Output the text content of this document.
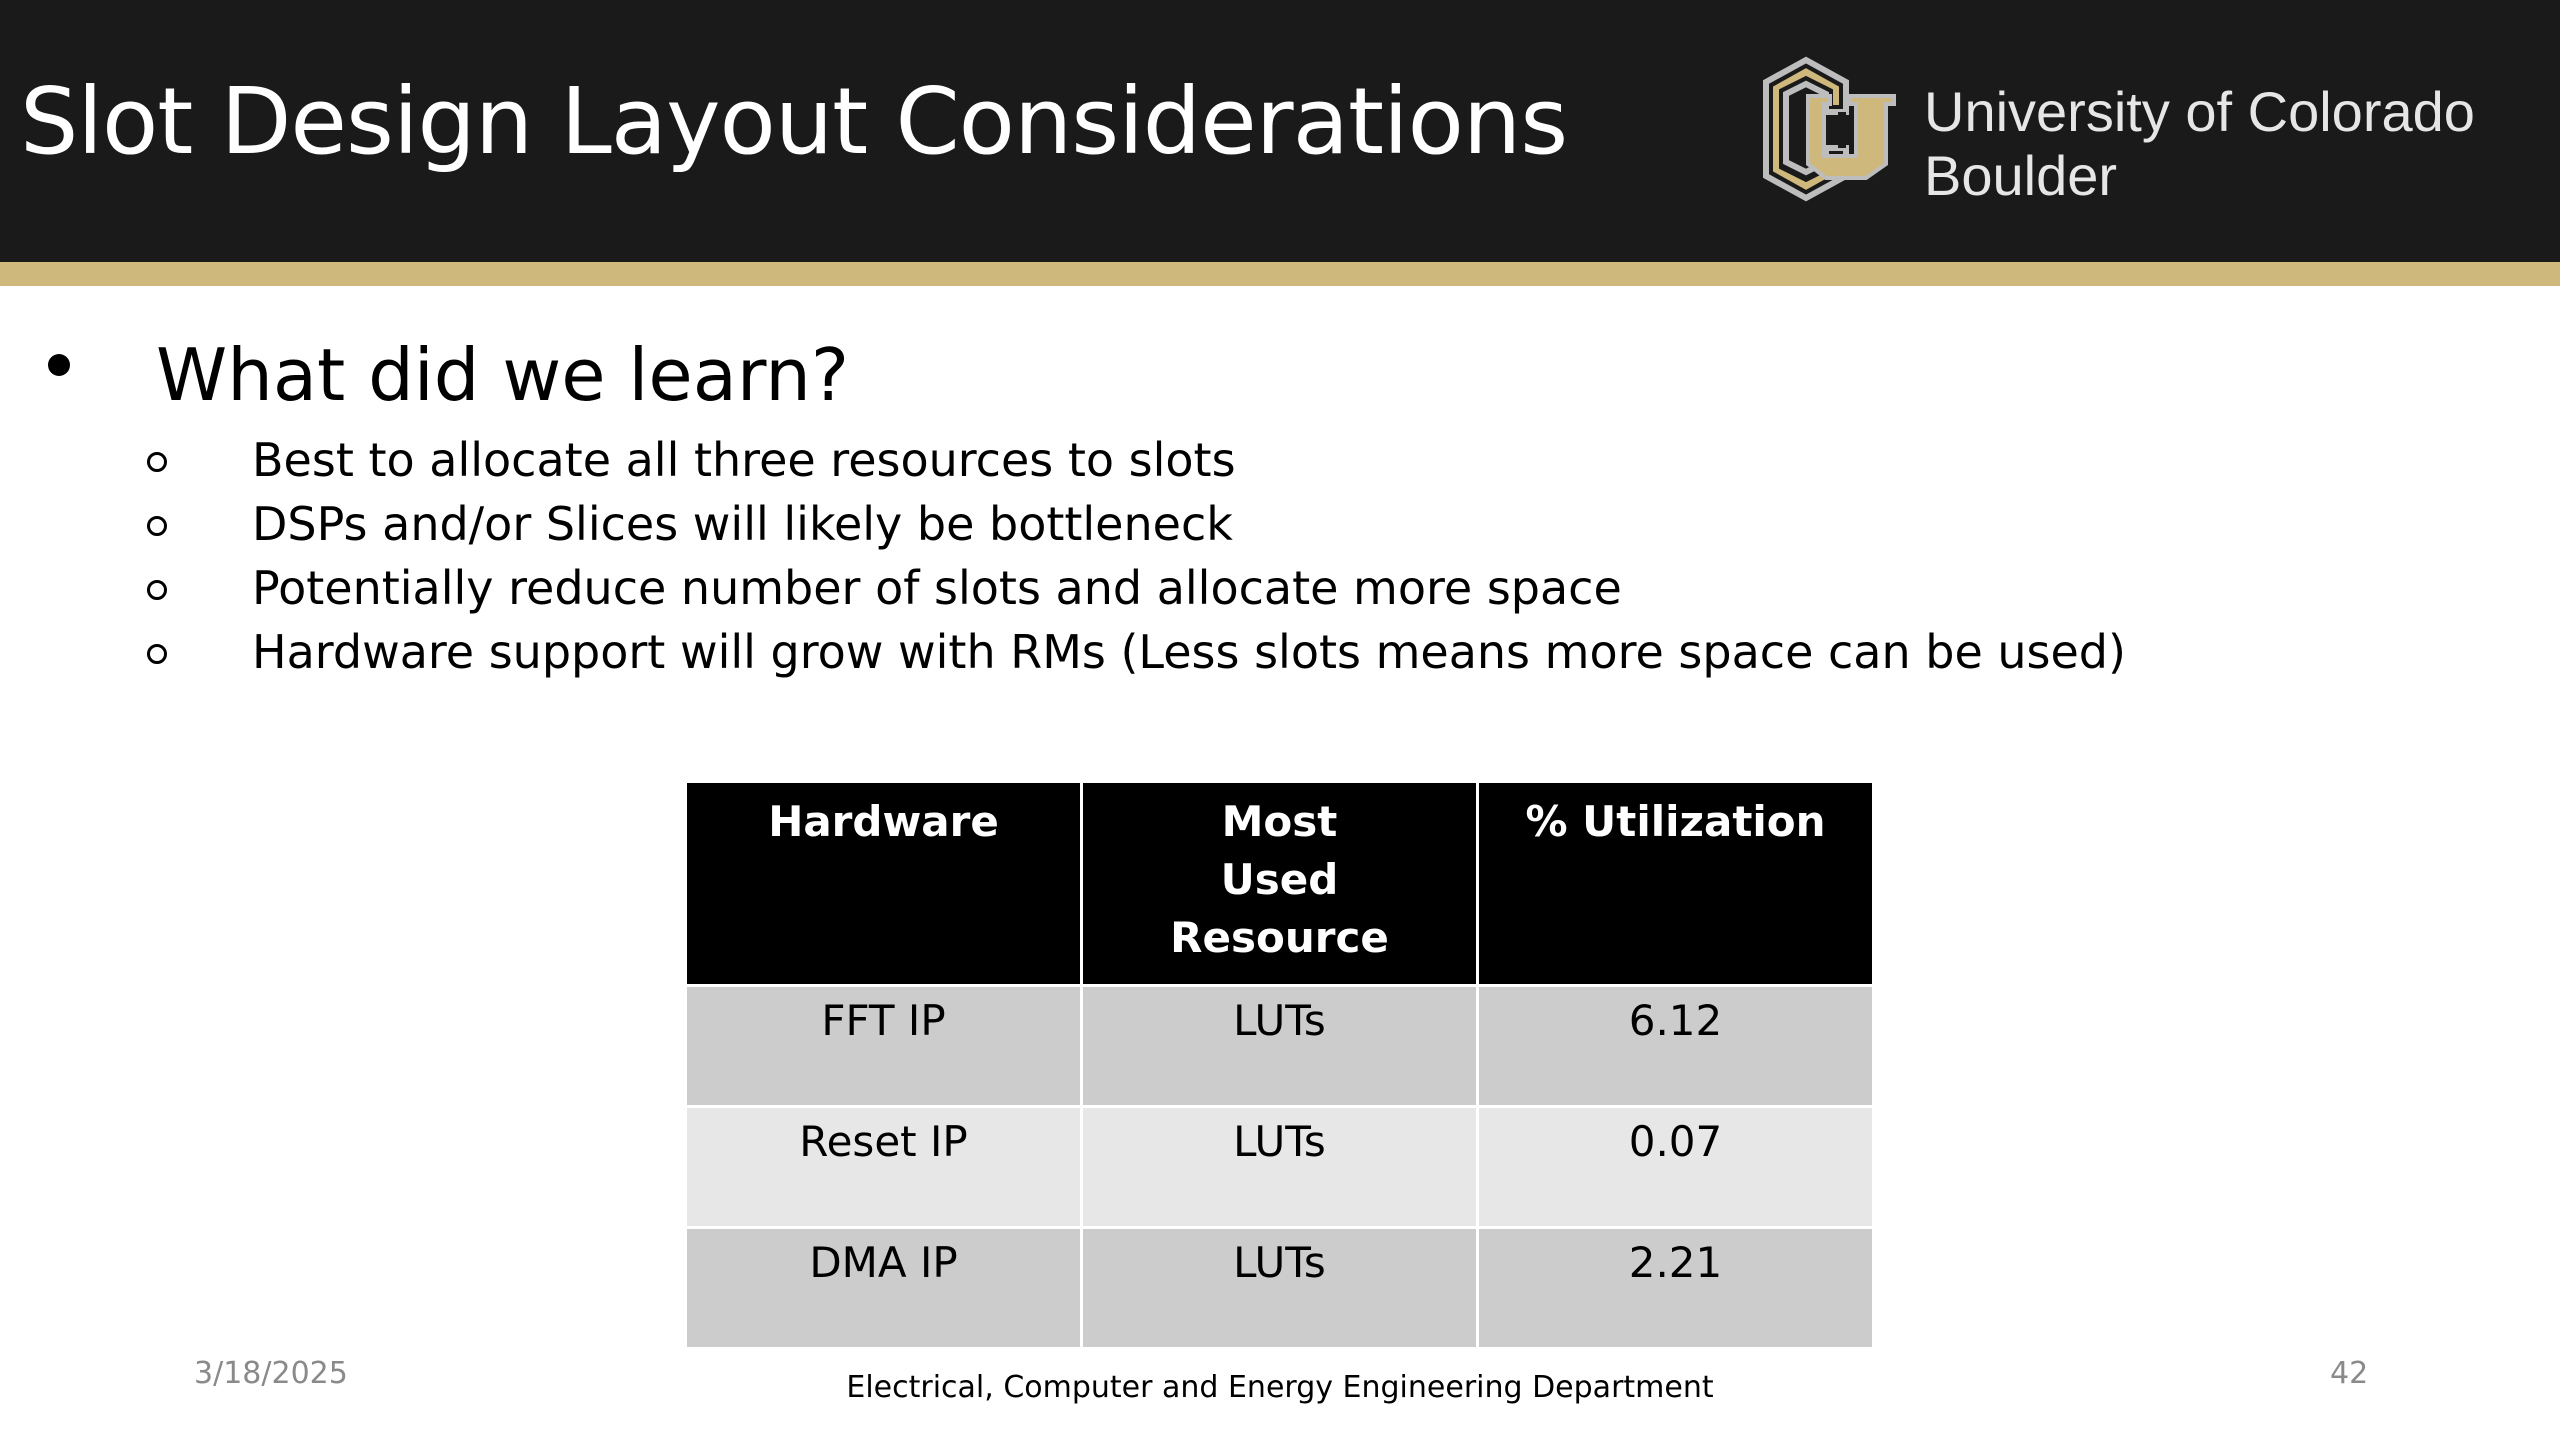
Slot Design Layout Considerations	University of Colorado
Boulder
What did we learn?
Best to allocate all three resources to slots
DSPs and/or Slices will likely be bottleneck
Potentially reduce number of slots and allocate more space
Hardware support will grow with RMs (Less slots means more space can be used)
Hardware	Most Used Resource	% Utilization
FFT IP	LUTs	6.12
Reset IP	LUTs	0.07
DMA IP	LUTs	2.21
3/18/2025	Electrical, Computer and Energy Engineering Department	42
